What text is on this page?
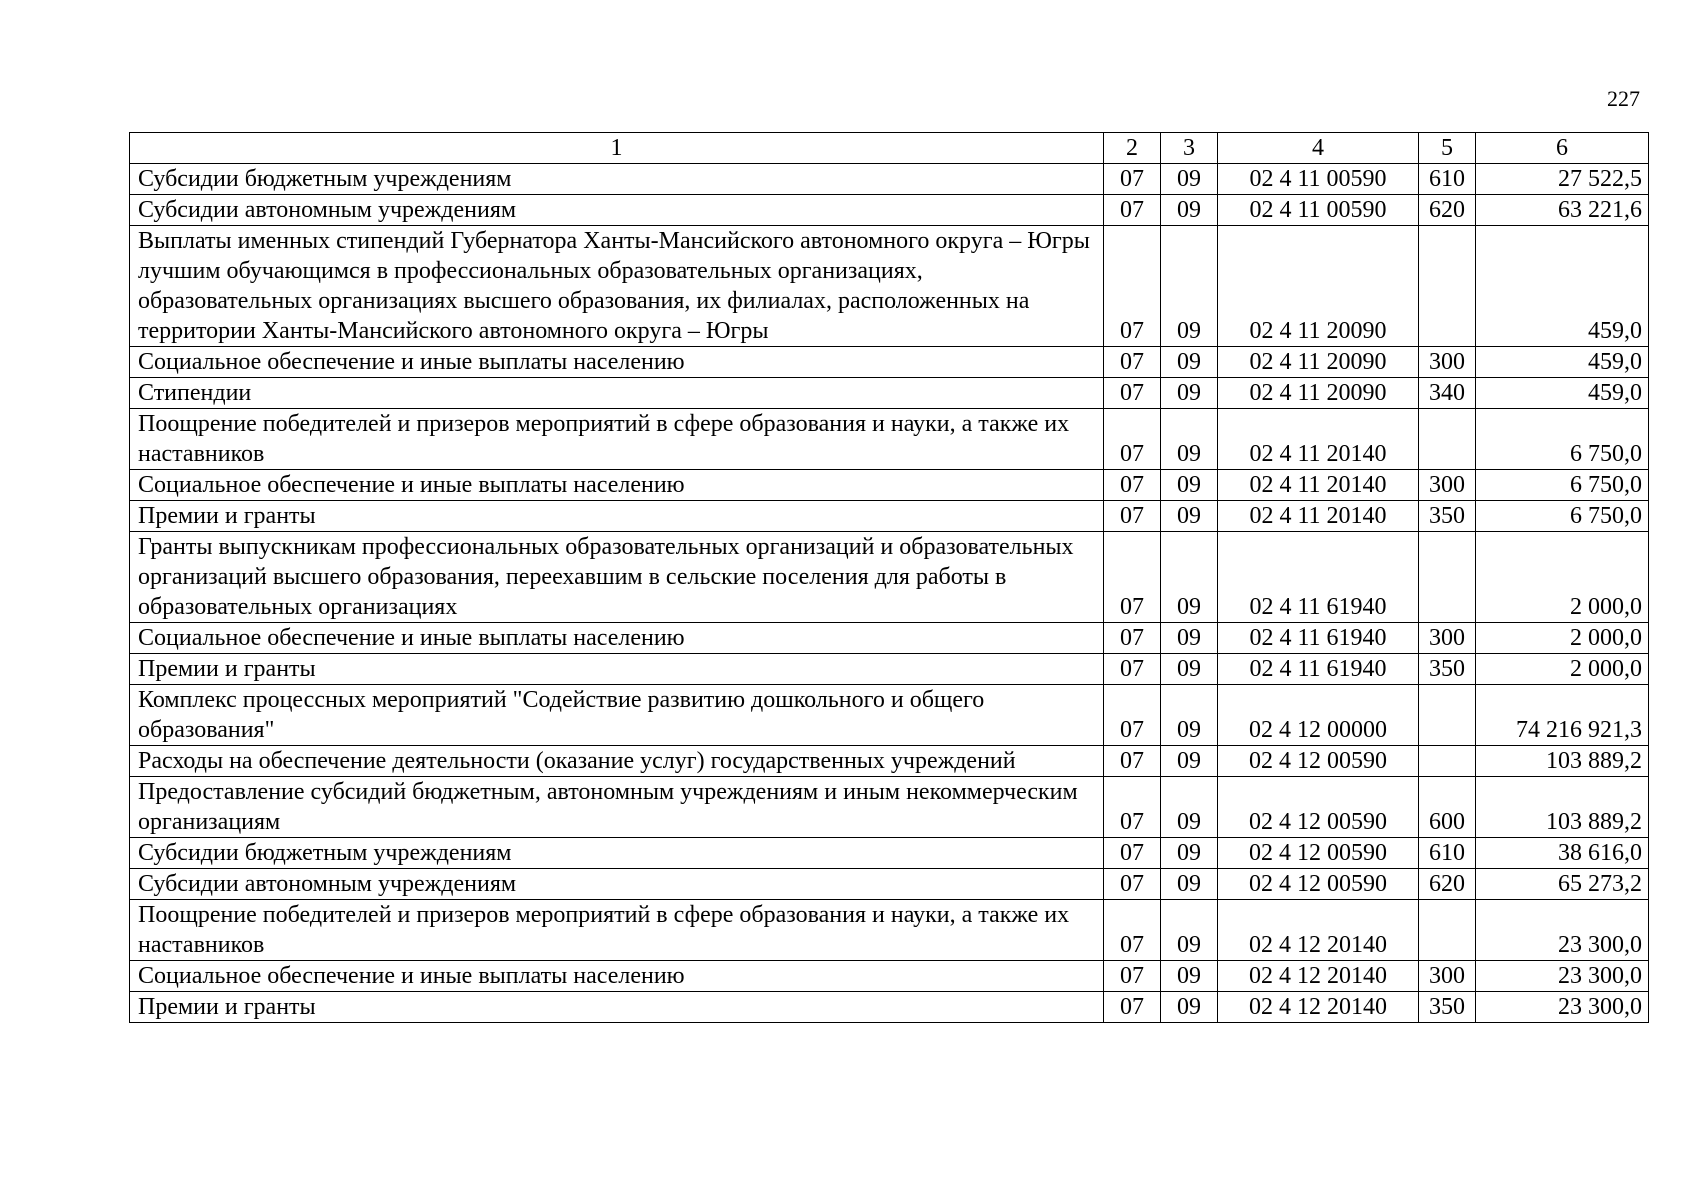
227
1	2	3	4	5	6
Субсидии бюджетным учреждениям	07	09	02 4 11 00590	610	27 522,5
Субсидии автономным учреждениям	07	09	02 4 11 00590	620	63 221,6
Выплаты именных стипендий Губернатора Ханты-Мансийского автономного округа – Югры лучшим обучающимся в профессиональных образовательных организациях, образовательных организациях высшего образования, их филиалах, расположенных на территории Ханты-Мансийского автономного округа – Югры	07	09	02 4 11 20090		459,0
Социальное обеспечение и иные выплаты населению	07	09	02 4 11 20090	300	459,0
Стипендии	07	09	02 4 11 20090	340	459,0
Поощрение победителей и призеров мероприятий в сфере образования и науки, а также их наставников	07	09	02 4 11 20140		6 750,0
Социальное обеспечение и иные выплаты населению	07	09	02 4 11 20140	300	6 750,0
Премии и гранты	07	09	02 4 11 20140	350	6 750,0
Гранты выпускникам профессиональных образовательных организаций и образовательных организаций высшего образования, переехавшим в сельские поселения для работы в образовательных организациях	07	09	02 4 11 61940		2 000,0
Социальное обеспечение и иные выплаты населению	07	09	02 4 11 61940	300	2 000,0
Премии и гранты	07	09	02 4 11 61940	350	2 000,0
Комплекс процессных мероприятий "Содействие развитию дошкольного и общего образования"	07	09	02 4 12 00000		74 216 921,3
Расходы на обеспечение деятельности (оказание услуг) государственных учреждений	07	09	02 4 12 00590		103 889,2
Предоставление субсидий бюджетным, автономным учреждениям и иным некоммерческим организациям	07	09	02 4 12 00590	600	103 889,2
Субсидии бюджетным учреждениям	07	09	02 4 12 00590	610	38 616,0
Субсидии автономным учреждениям	07	09	02 4 12 00590	620	65 273,2
Поощрение победителей и призеров мероприятий в сфере образования и науки, а также их наставников	07	09	02 4 12 20140		23 300,0
Социальное обеспечение и иные выплаты населению	07	09	02 4 12 20140	300	23 300,0
Премии и гранты	07	09	02 4 12 20140	350	23 300,0
